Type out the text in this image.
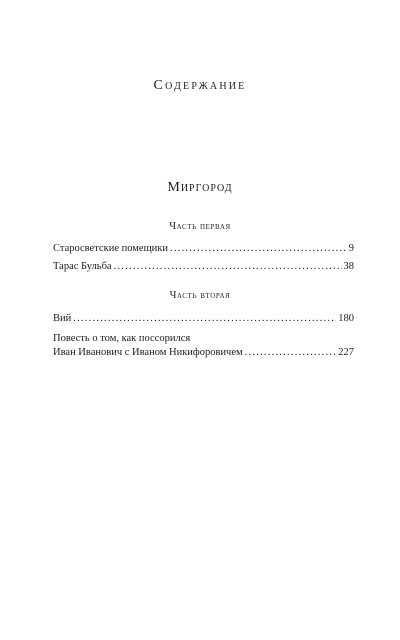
Содержание
Миргород
Часть первая
Старосветские помещики . . .	9
Тарас Бульба . . .	38
Часть вторая
Вий . . .	180
Повесть о том, как поссорился
Иван Иванович с Иваном Никифоровичем . . .	227
